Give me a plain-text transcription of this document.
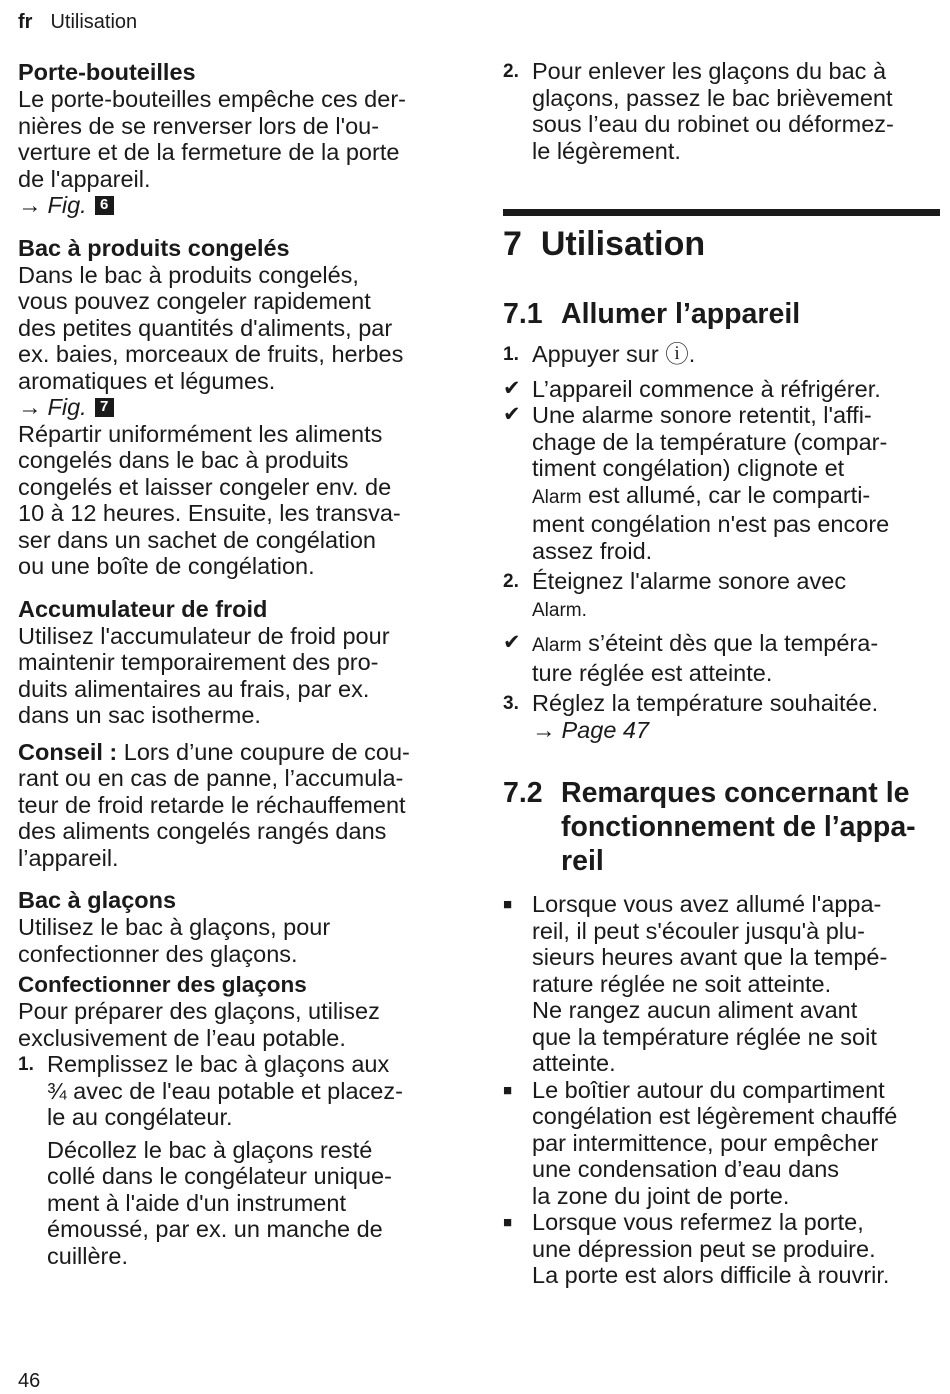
fr Utilisation
Porte-bouteilles

Le porte-bouteilles empêche ces der-
nières de se renverser lors de l'ou-
verture et de la fermeture de la porte
de l'appareil.

→ Fig. 6
Bac à produits congelés

Dans le bac à produits congelés,
vous pouvez congeler rapidement
des petites quantités d'aliments, par
ex. baies, morceaux de fruits, herbes
aromatiques et légumes.

→ Fig. 7

Répartir uniformément les aliments
congelés dans le bac à produits
congelés et laisser congeler env. de
10 à 12 heures. Ensuite, les transva-
ser dans un sachet de congélation
ou une boîte de congélation.

Accumulateur de froid

Utilisez l'accumulateur de froid pour
maintenir temporairement des pro-
duits alimentaires au frais, par ex.
dans un sac isotherme.

Conseil : Lors d’une coupure de cou-
rant ou en cas de panne, l’accumula-
teur de froid retarde le réchauffement
des aliments congelés rangés dans
l’appareil.

Bac à glaçons

Utilisez le bac à glaçons, pour
confectionner des glaçons.

Confectionner des glaçons

Pour préparer des glaçons, utilisez
exclusivement de l’eau potable.

1. Remplissez le bac à glaçons aux
¾ avec de l'eau potable et placez-
le au congélateur.
Décollez le bac à glaçons resté
collé dans le congélateur unique-
ment à l'aide d'un instrument
émoussé, par ex. un manche de
cuillère.
2. Pour enlever les glaçons du bac à
glaçons, passez le bac brièvement
sous l’eau du robinet ou déformez-
le légèrement.
7 Utilisation
7.1 Allumer l’appareil
1. Appuyer sur ⓘ.
✔ L’appareil commence à réfrigérer.
✔ Une alarme sonore retentit, l'affi-
chage de la température (compar-
timent congélation) clignote et
Alarm est allumé, car le comparti-
ment congélation n'est pas encore
assez froid.
2. Éteignez l'alarme sonore avec
Alarm.
✔ Alarm s’éteint dès que la tempéra-
ture réglée est atteinte.
3. Réglez la température souhaitée.
→ Page 47
7.2 Remarques concernant le
fonctionnement de l’appa-
reil
■ Lorsque vous avez allumé l'appa-
reil, il peut s'écouler jusqu'à plu-
sieurs heures avant que la tempé-
rature réglée ne soit atteinte.
Ne rangez aucun aliment avant
que la température réglée ne soit
atteinte.
■ Le boîtier autour du compartiment
congélation est légèrement chauffé
par intermittence, pour empêcher
une condensation d’eau dans
la zone du joint de porte.
■ Lorsque vous refermez la porte,
une dépression peut se produire.
La porte est alors difficile à rouvrir.
46
